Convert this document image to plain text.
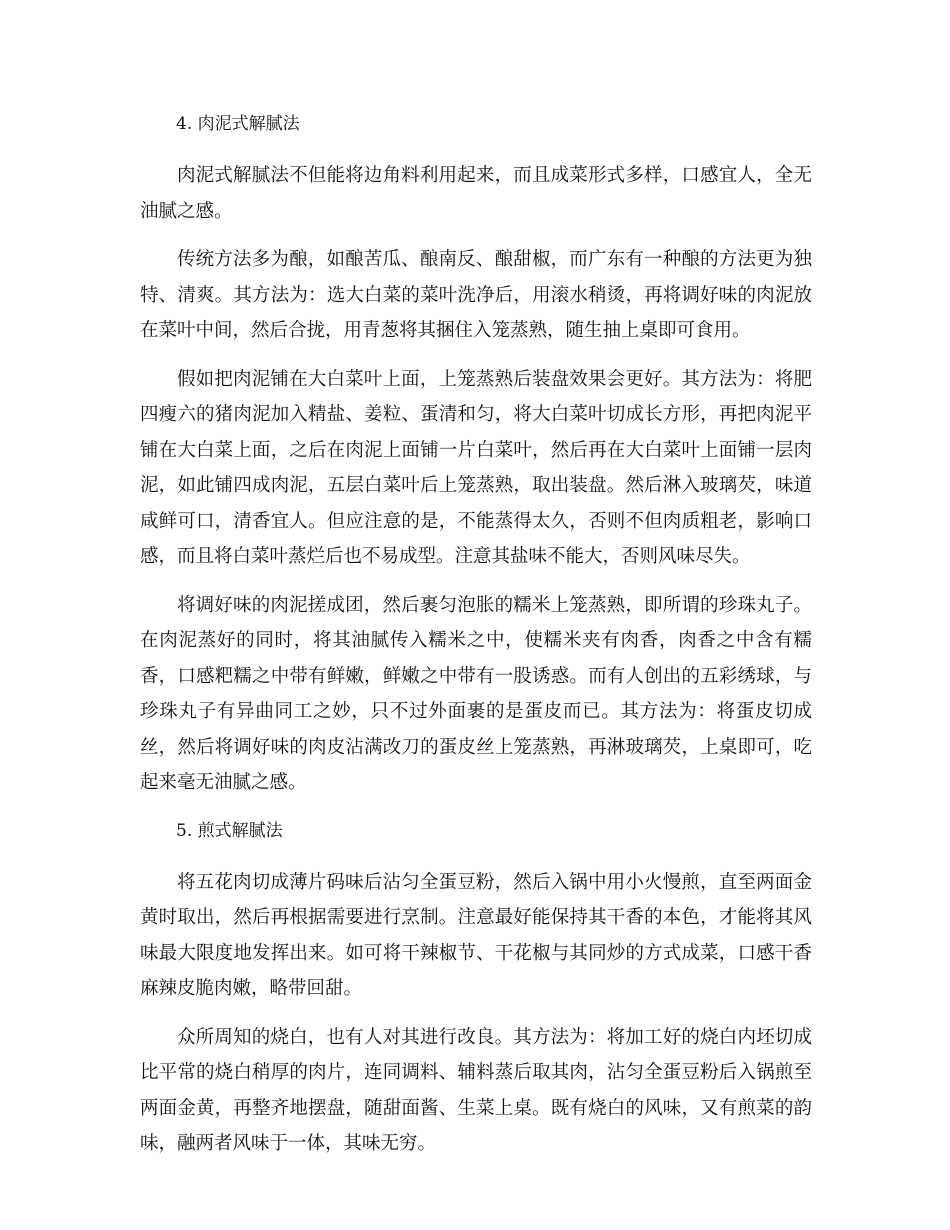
4. 肉泥式解腻法

肉泥式解腻法不但能将边角料利用起来，而且成菜形式多样，口感宜人，全无油腻之感。

传统方法多为酿，如酿苦瓜、酿南反、酿甜椒，而广东有一种酿的方法更为独特、清爽。其方法为：选大白菜的菜叶洗净后，用滚水稍烫，再将调好味的肉泥放在菜叶中间，然后合拢，用青葱将其捆住入笼蒸熟，随生抽上桌即可食用。

假如把肉泥铺在大白菜叶上面，上笼蒸熟后装盘效果会更好。其方法为：将肥四瘦六的猪肉泥加入精盐、姜粒、蛋清和匀，将大白菜叶切成长方形，再把肉泥平铺在大白菜上面，之后在肉泥上面铺一片白菜叶，然后再在大白菜叶上面铺一层肉泥，如此铺四成肉泥，五层白菜叶后上笼蒸熟，取出装盘。然后淋入玻璃芡，味道咸鲜可口，清香宜人。但应注意的是，不能蒸得太久，否则不但肉质粗老，影响口感，而且将白菜叶蒸烂后也不易成型。注意其盐味不能大，否则风味尽失。

将调好味的肉泥搓成团，然后裹匀泡胀的糯米上笼蒸熟，即所谓的珍珠丸子。在肉泥蒸好的同时，将其油腻传入糯米之中，使糯米夹有肉香，肉香之中含有糯香，口感粑糯之中带有鲜嫩，鲜嫩之中带有一股诱惑。而有人创出的五彩绣球，与珍珠丸子有异曲同工之妙，只不过外面裹的是蛋皮而已。其方法为：将蛋皮切成丝，然后将调好味的肉皮沾满改刀的蛋皮丝上笼蒸熟，再淋玻璃芡，上桌即可，吃起来毫无油腻之感。

5. 煎式解腻法

将五花肉切成薄片码味后沾匀全蛋豆粉，然后入锅中用小火慢煎，直至两面金黄时取出，然后再根据需要进行烹制。注意最好能保持其干香的本色，才能将其风味最大限度地发挥出来。如可将干辣椒节、干花椒与其同炒的方式成菜，口感干香麻辣皮脆肉嫩，略带回甜。

众所周知的烧白，也有人对其进行改良。其方法为：将加工好的烧白内坯切成比平常的烧白稍厚的肉片，连同调料、辅料蒸后取其肉，沾匀全蛋豆粉后入锅煎至两面金黄，再整齐地摆盘，随甜面酱、生菜上桌。既有烧白的风味，又有煎菜的韵味，融两者风味于一体，其味无穷。
